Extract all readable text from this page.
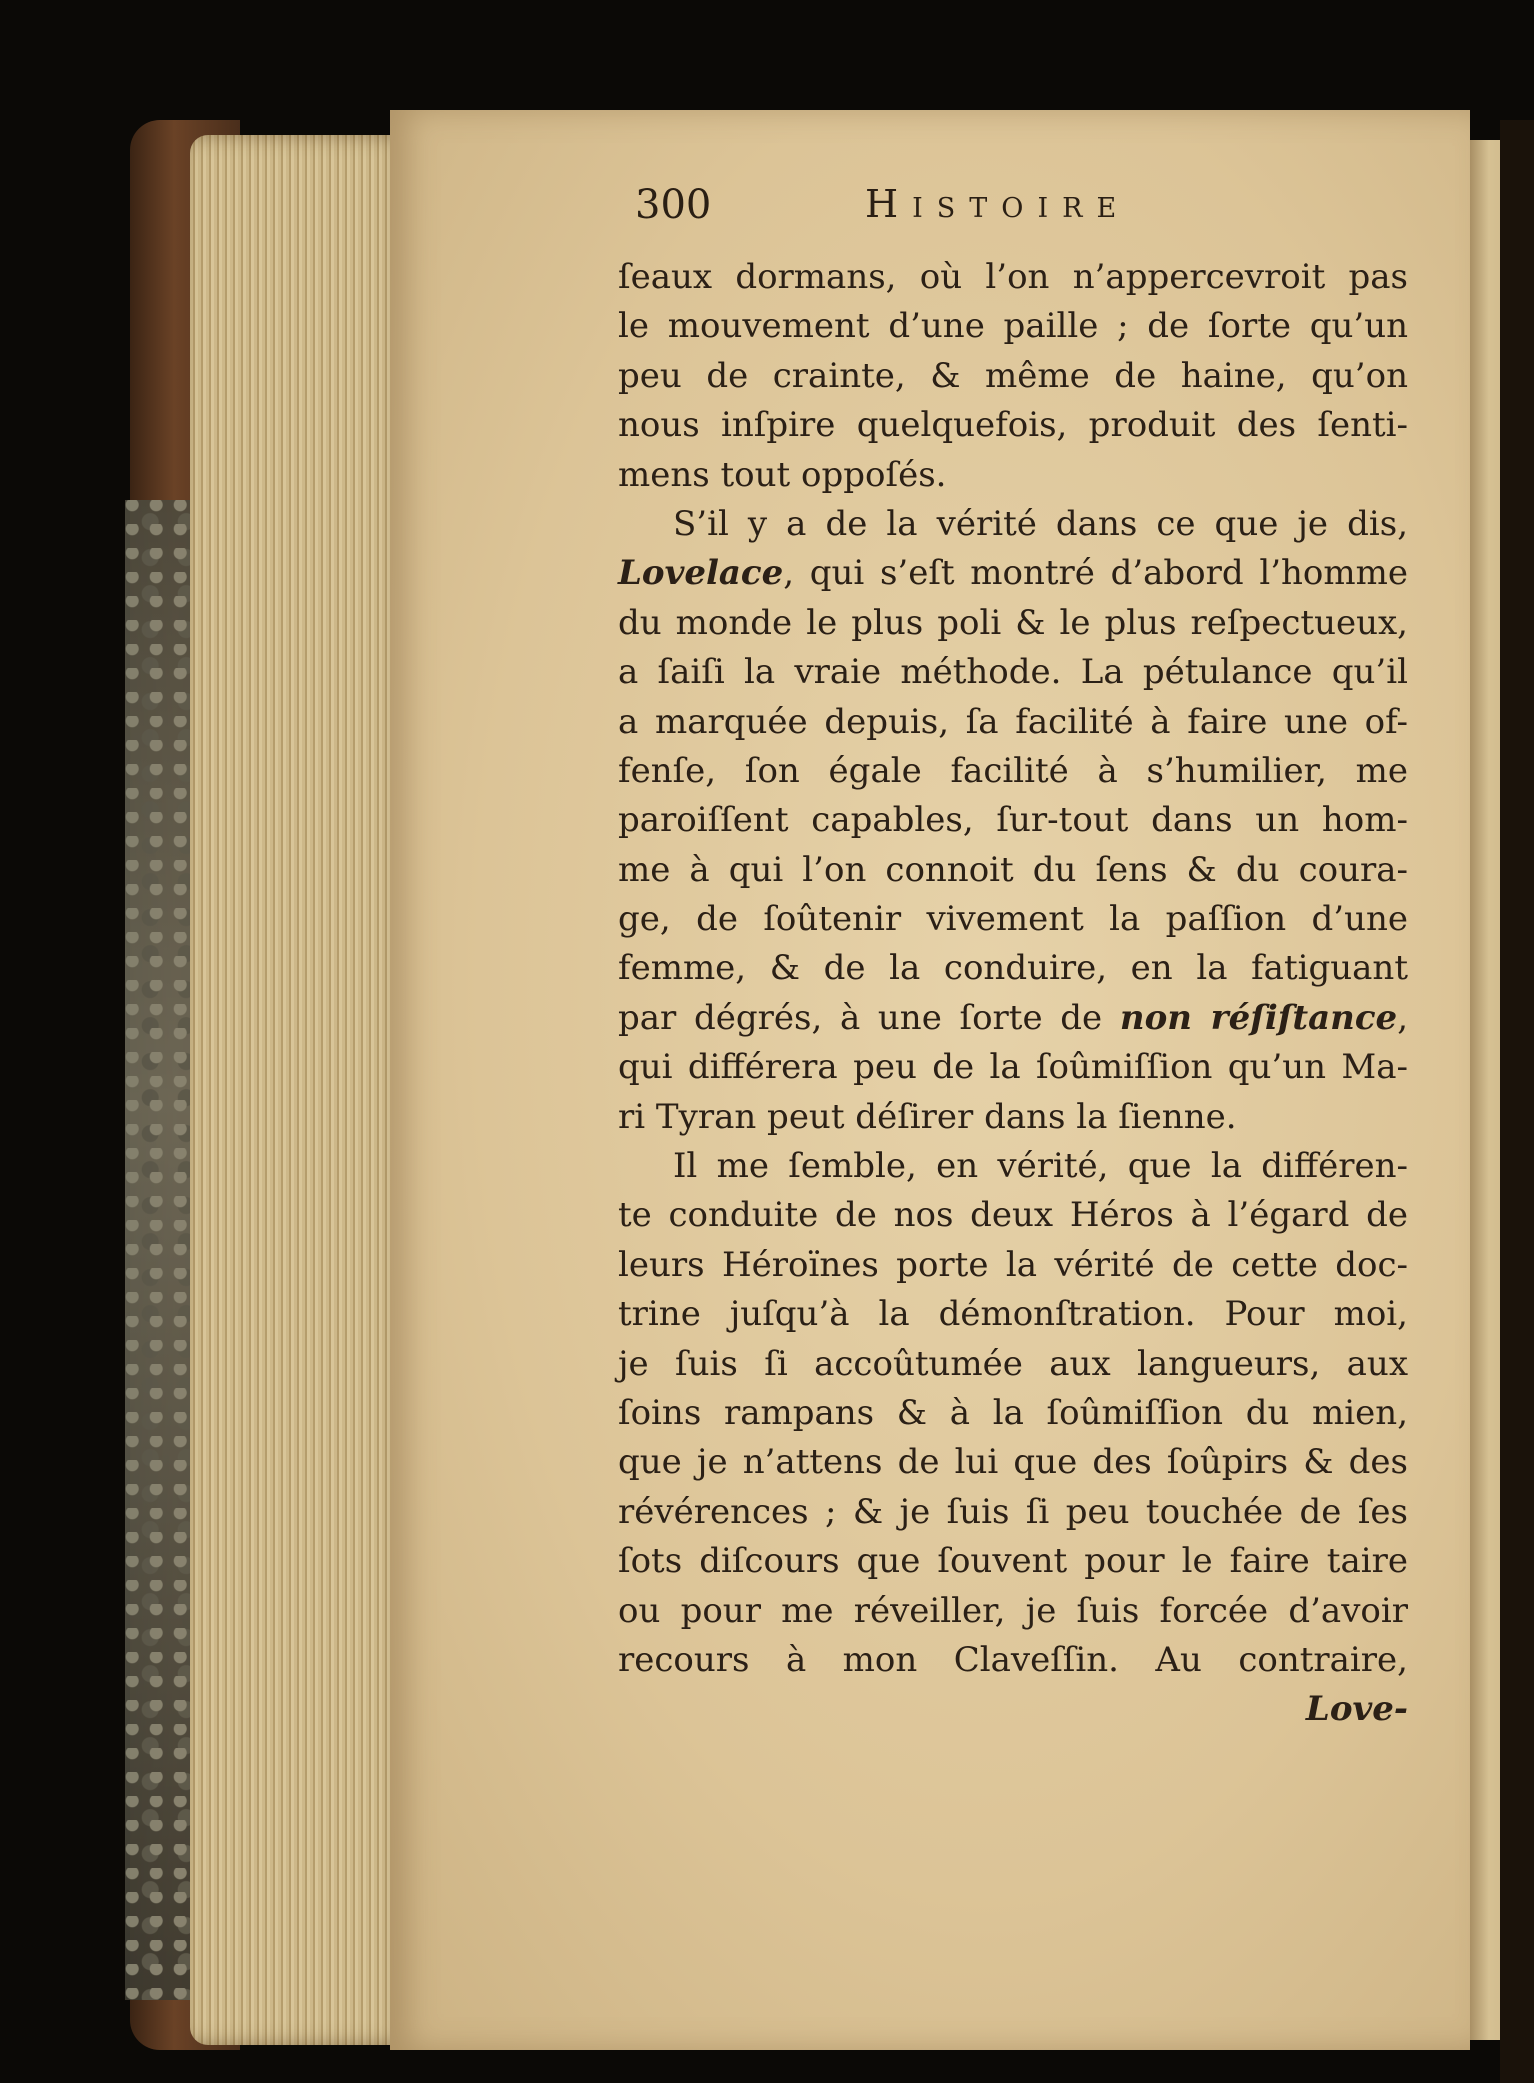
300	Histoire
ſeaux dormans, où l’on n’appercevroit pas
le mouvement d’une paille ; de ſorte qu’un
peu de crainte, & même de haine, qu’on
nous inſpire quelquefois, produit des ſenti-
mens tout oppoſés.
S’il y a de la vérité dans ce que je dis,
Lovelace, qui s’eſt montré d’abord l’homme
du monde le plus poli & le plus reſpectueux,
a ſaiſi la vraie méthode. La pétulance qu’il
a marquée depuis, ſa facilité à faire une of-
fenſe, ſon égale facilité à s’humilier, me
paroiſſent capables, ſur-tout dans un hom-
me à qui l’on connoit du ſens & du coura-
ge, de ſoûtenir vivement la paſſion d’une
femme, & de la conduire, en la fatiguant
par dégrés, à une ſorte de non réſiſtance,
qui différera peu de la ſoûmiſſion qu’un Ma-
ri Tyran peut déſirer dans la ſienne.
Il me ſemble, en vérité, que la différen-
te conduite de nos deux Héros à l’égard de
leurs Héroïnes porte la vérité de cette doc-
trine juſqu’à la démonſtration. Pour moi,
je ſuis ſi accoûtumée aux langueurs, aux
ſoins rampans & à la ſoûmiſſion du mien,
que je n’attens de lui que des ſoûpirs & des
révérences ; & je ſuis ſi peu touchée de ſes
ſots diſcours que ſouvent pour le faire taire
ou pour me réveiller, je ſuis forcée d’avoir
recours à mon Claveſſin. Au contraire,
Love-
